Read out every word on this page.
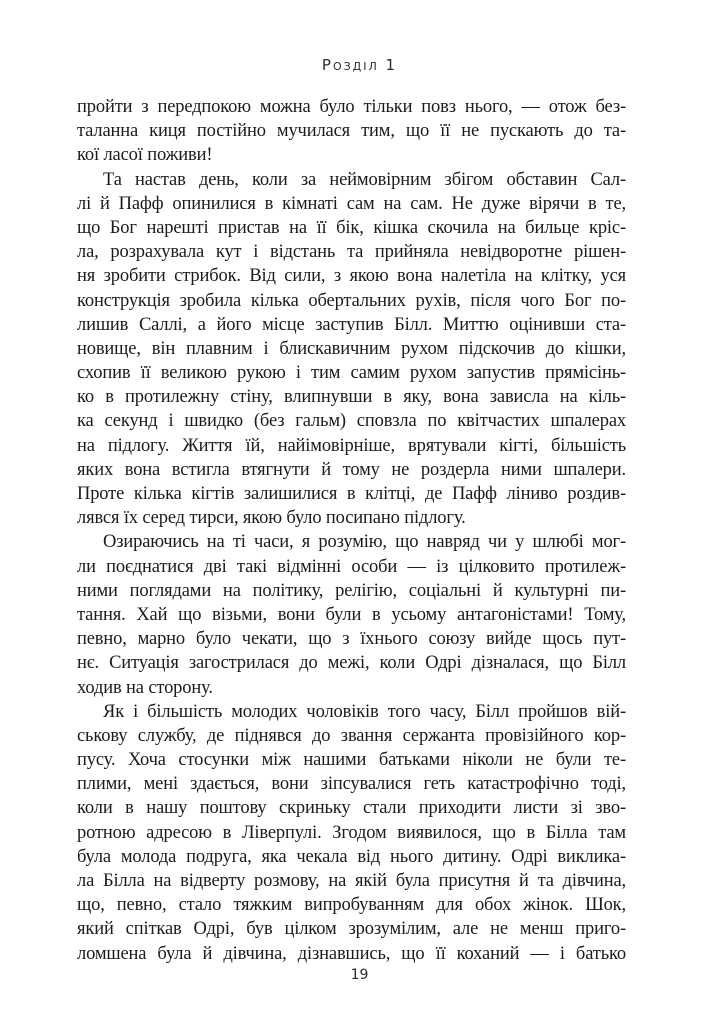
Розділ 1
пройти з передпокою можна було тільки повз нього, — отож без-
таланна киця постійно мучилася тим, що її не пускають до та-
кої ласої поживи!
Та настав день, коли за неймовірним збігом обставин Сал-
лі й Пафф опинилися в кімнаті сам на сам. Не дуже вірячи в те,
що Бог нарешті пристав на її бік, кішка скочила на бильце кріс-
ла, розрахувала кут і відстань та прийняла невідворотне рішен-
ня зробити стрибок. Від сили, з якою вона налетіла на клітку, уся
конструкція зробила кілька обертальних рухів, після чого Бог по-
лишив Саллі, а його місце заступив Білл. Миттю оцінивши ста-
новище, він плавним і блискавичним рухом підскочив до кішки,
схопив її великою рукою і тим самим рухом запустив прямісінь-
ко в протилежну стіну, влипнувши в яку, вона зависла на кіль-
ка секунд і швидко (без гальм) сповзла по квітчастих шпалерах
на підлогу. Життя їй, найімовірніше, врятували кігті, більшість
яких вона встигла втягнути й тому не роздерла ними шпалери.
Проте кілька кігтів залишилися в клітці, де Пафф ліниво роздив-
лявся їх серед тирси, якою було посипано підлогу.
Озираючись на ті часи, я розумію, що навряд чи у шлюбі мог-
ли поєднатися дві такі відмінні особи — із цілковито протилеж-
ними поглядами на політику, релігію, соціальні й культурні пи-
тання. Хай що візьми, вони були в усьому антагоністами! Тому,
певно, марно було чекати, що з їхнього союзу вийде щось пут-
нє. Ситуація загострилася до межі, коли Одрі дізналася, що Білл
ходив на сторону.
Як і більшість молодих чоловіків того часу, Білл пройшов вій-
ськову службу, де піднявся до звання сержанта провізійного кор-
пусу. Хоча стосунки між нашими батьками ніколи не були те-
плими, мені здається, вони зіпсувалися геть катастрофічно тоді,
коли в нашу поштову скриньку стали приходити листи зі зво-
ротною адресою в Ліверпулі. Згодом виявилося, що в Білла там
була молода подруга, яка чекала від нього дитину. Одрі виклика-
ла Білла на відверту розмову, на якій була присутня й та дівчина,
що, певно, стало тяжким випробуванням для обох жінок. Шок,
який спіткав Одрі, був цілком зрозумілим, але не менш приго-
ломшена була й дівчина, дізнавшись, що її коханий — і батько
19
